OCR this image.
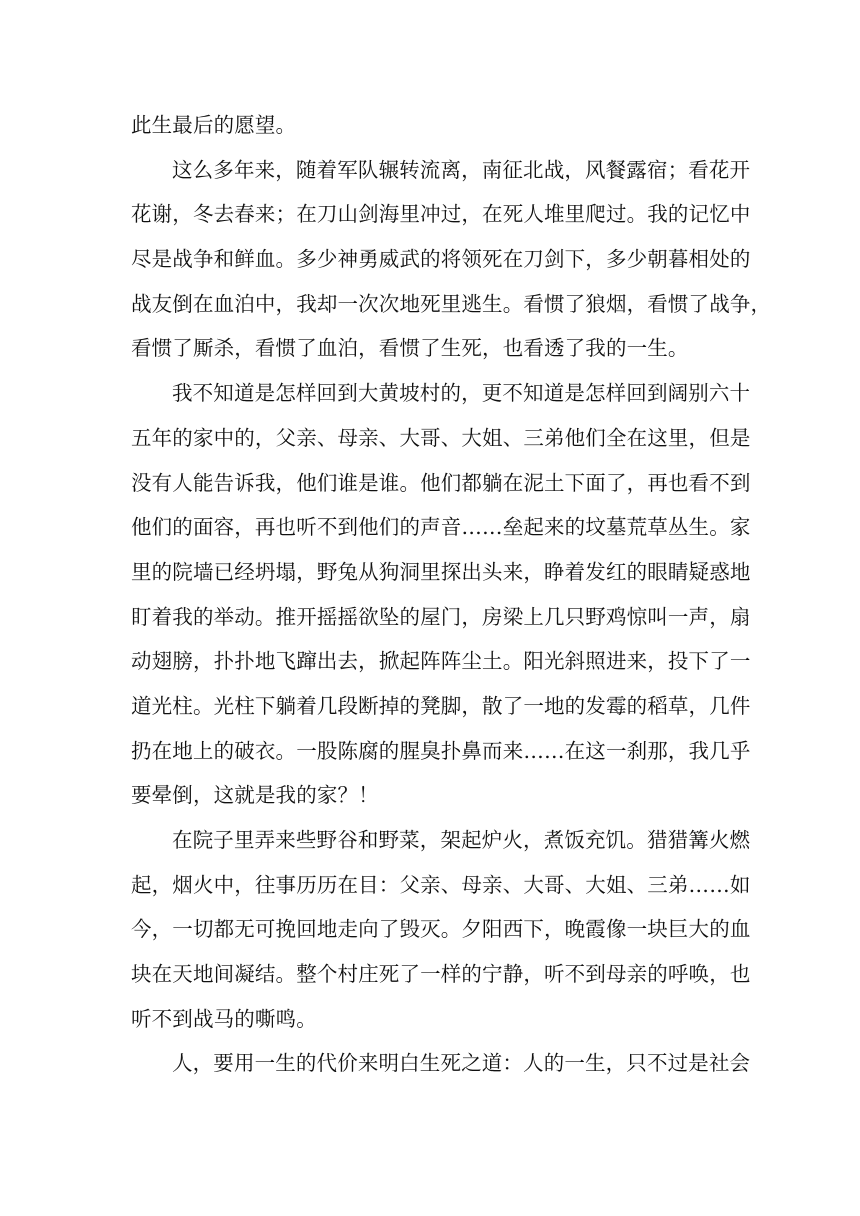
此生最后的愿望。
这么多年来，随着军队辗转流离，南征北战，风餐露宿；看花开
花谢，冬去春来；在刀山剑海里冲过，在死人堆里爬过。我的记忆中
尽是战争和鲜血。多少神勇威武的将领死在刀剑下，多少朝暮相处的
战友倒在血泊中，我却一次次地死里逃生。看惯了狼烟，看惯了战争，
看惯了厮杀，看惯了血泊，看惯了生死，也看透了我的一生。
我不知道是怎样回到大黄坡村的，更不知道是怎样回到阔别六十
五年的家中的，父亲、母亲、大哥、大姐、三弟他们全在这里，但是
没有人能告诉我，他们谁是谁。他们都躺在泥土下面了，再也看不到
他们的面容，再也听不到他们的声音……垒起来的坟墓荒草丛生。家
里的院墙已经坍塌，野兔从狗洞里探出头来，睁着发红的眼睛疑惑地
盯着我的举动。推开摇摇欲坠的屋门，房梁上几只野鸡惊叫一声，扇
动翅膀，扑扑地飞蹿出去，掀起阵阵尘土。阳光斜照进来，投下了一
道光柱。光柱下躺着几段断掉的凳脚，散了一地的发霉的稻草，几件
扔在地上的破衣。一股陈腐的腥臭扑鼻而来……在这一刹那，我几乎
要晕倒，这就是我的家？！
在院子里弄来些野谷和野菜，架起炉火，煮饭充饥。猎猎篝火燃
起，烟火中，往事历历在目：父亲、母亲、大哥、大姐、三弟……如
今，一切都无可挽回地走向了毁灭。夕阳西下，晚霞像一块巨大的血
块在天地间凝结。整个村庄死了一样的宁静，听不到母亲的呼唤，也
听不到战马的嘶鸣。
人，要用一生的代价来明白生死之道：人的一生，只不过是社会
